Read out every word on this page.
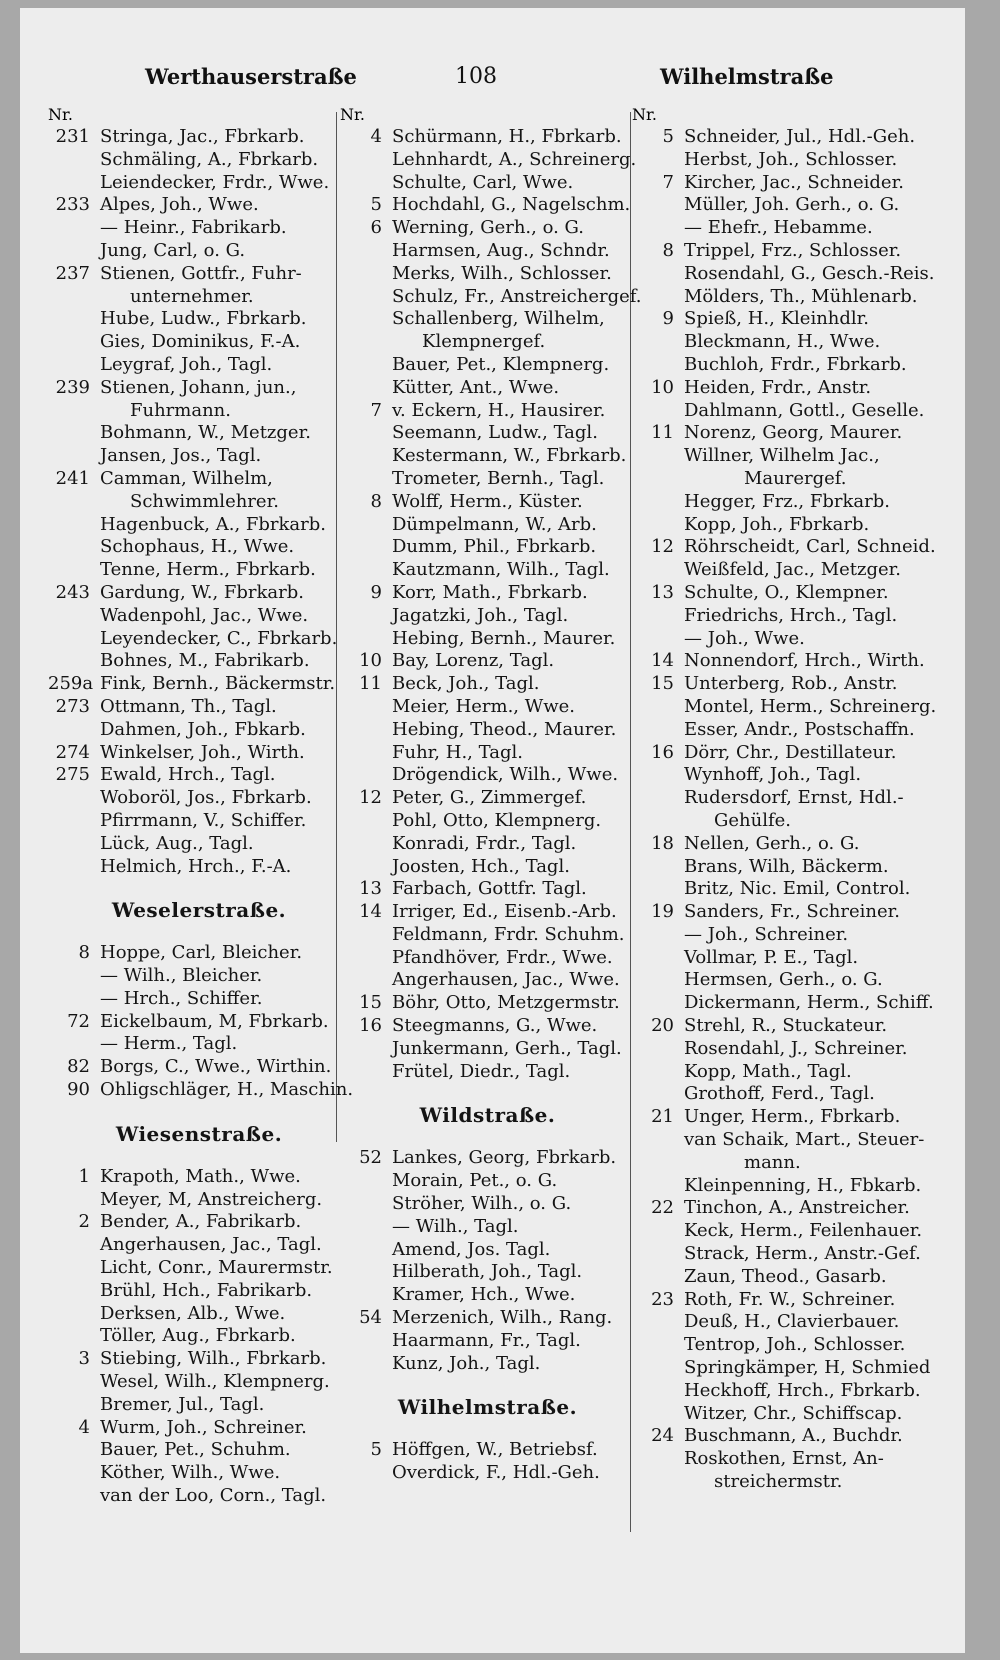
Werthauserstraße	108	Wilhelmstraße
Nr.
231 Stringa, Jac., Fbrkarb.
Schmäling, A., Fbrkarb.
Leiendecker, Frdr., Wwe.
233 Alpes, Joh., Wwe.
— Heinr., Fabrikarb.
Jung, Carl, o. G.
237 Stienen, Gottfr., Fuhr-
unternehmer.
Hube, Ludw., Fbrkarb.
Gies, Dominikus, F.-A.
Leygraf, Joh., Tagl.
239 Stienen, Johann, jun.,
Fuhrmann.
Bohmann, W., Metzger.
Jansen, Jos., Tagl.
241 Camman, Wilhelm,
Schwimmlehrer.
Hagenbuck, A., Fbrkarb.
Schophaus, H., Wwe.
Tenne, Herm., Fbrkarb.
243 Gardung, W., Fbrkarb.
Wadenpohl, Jac., Wwe.
Leyendecker, C., Fbrkarb.
Bohnes, M., Fabrikarb.
259a Fink, Bernh., Bäckermstr.
273 Ottmann, Th., Tagl.
Dahmen, Joh., Fbkarb.
274 Winkelser, Joh., Wirth.
275 Ewald, Hrch., Tagl.
Woboröl, Jos., Fbrkarb.
Pfirrmann, V., Schiffer.
Lück, Aug., Tagl.
Helmich, Hrch., F.-A.
Weselerstraße.
8 Hoppe, Carl, Bleicher.
— Wilh., Bleicher.
— Hrch., Schiffer.
72 Eickelbaum, M, Fbrkarb.
— Herm., Tagl.
82 Borgs, C., Wwe., Wirthin.
90 Ohligschläger, H., Maschin.
Wiesenstraße.
1 Krapoth, Math., Wwe.
Meyer, M, Anstreicherg.
2 Bender, A., Fabrikarb.
Angerhausen, Jac., Tagl.
Licht, Conr., Maurermstr.
Brühl, Hch., Fabrikarb.
Derksen, Alb., Wwe.
Töller, Aug., Fbrkarb.
3 Stiebing, Wilh., Fbrkarb.
Wesel, Wilh., Klempnerg.
Bremer, Jul., Tagl.
4 Wurm, Joh., Schreiner.
Bauer, Pet., Schuhm.
Köther, Wilh., Wwe.
van der Loo, Corn., Tagl.
Nr.
4 Schürmann, H., Fbrkarb.
Lehnhardt, A., Schreinerg.
Schulte, Carl, Wwe.
5 Hochdahl, G., Nagelschm.
6 Werning, Gerh., o. G.
Harmsen, Aug., Schndr.
Merks, Wilh., Schlosser.
Schulz, Fr., Anstreichergef.
Schallenberg, Wilhelm,
Klempnergef.
Bauer, Pet., Klempnerg.
Kütter, Ant., Wwe.
7 v. Eckern, H., Hausirer.
Seemann, Ludw., Tagl.
Kestermann, W., Fbrkarb.
Trometer, Bernh., Tagl.
8 Wolff, Herm., Küster.
Dümpelmann, W., Arb.
Dumm, Phil., Fbrkarb.
Kautzmann, Wilh., Tagl.
9 Korr, Math., Fbrkarb.
Jagatzki, Joh., Tagl.
Hebing, Bernh., Maurer.
10 Bay, Lorenz, Tagl.
11 Beck, Joh., Tagl.
Meier, Herm., Wwe.
Hebing, Theod., Maurer.
Fuhr, H., Tagl.
Drögendick, Wilh., Wwe.
12 Peter, G., Zimmergef.
Pohl, Otto, Klempnerg.
Konradi, Frdr., Tagl.
Joosten, Hch., Tagl.
13 Farbach, Gottfr. Tagl.
14 Irriger, Ed., Eisenb.-Arb.
Feldmann, Frdr. Schuhm.
Pfandhöver, Frdr., Wwe.
Angerhausen, Jac., Wwe.
15 Böhr, Otto, Metzgermstr.
16 Steegmanns, G., Wwe.
Junkermann, Gerh., Tagl.
Frütel, Diedr., Tagl.
Wildstraße.
52 Lankes, Georg, Fbrkarb.
Morain, Pet., o. G.
Ströher, Wilh., o. G.
— Wilh., Tagl.
Amend, Jos. Tagl.
Hilberath, Joh., Tagl.
Kramer, Hch., Wwe.
54 Merzenich, Wilh., Rang.
Haarmann, Fr., Tagl.
Kunz, Joh., Tagl.
Wilhelmstraße.
5 Höffgen, W., Betriebsf.
Overdick, F., Hdl.-Geh.
Nr.
5 Schneider, Jul., Hdl.-Geh.
Herbst, Joh., Schlosser.
7 Kircher, Jac., Schneider.
Müller, Joh. Gerh., o. G.
— Ehefr., Hebamme.
8 Trippel, Frz., Schlosser.
Rosendahl, G., Gesch.-Reis.
Mölders, Th., Mühlenarb.
9 Spieß, H., Kleinhdlr.
Bleckmann, H., Wwe.
Buchloh, Frdr., Fbrkarb.
10 Heiden, Frdr., Anstr.
Dahlmann, Gottl., Geselle.
11 Norenz, Georg, Maurer.
Willner, Wilhelm Jac.,
Maurergef.
Hegger, Frz., Fbrkarb.
Kopp, Joh., Fbrkarb.
12 Röhrscheidt, Carl, Schneid.
Weißfeld, Jac., Metzger.
13 Schulte, O., Klempner.
Friedrichs, Hrch., Tagl.
— Joh., Wwe.
14 Nonnendorf, Hrch., Wirth.
15 Unterberg, Rob., Anstr.
Montel, Herm., Schreinerg.
Esser, Andr., Postschaffn.
16 Dörr, Chr., Destillateur.
Wynhoff, Joh., Tagl.
Rudersdorf, Ernst, Hdl.-
Gehülfe.
18 Nellen, Gerh., o. G.
Brans, Wilh, Bäckerm.
Britz, Nic. Emil, Control.
19 Sanders, Fr., Schreiner.
— Joh., Schreiner.
Vollmar, P. E., Tagl.
Hermsen, Gerh., o. G.
Dickermann, Herm., Schiff.
20 Strehl, R., Stuckateur.
Rosendahl, J., Schreiner.
Kopp, Math., Tagl.
Grothoff, Ferd., Tagl.
21 Unger, Herm., Fbrkarb.
van Schaik, Mart., Steuer-
mann.
Kleinpenning, H., Fbkarb.
22 Tinchon, A., Anstreicher.
Keck, Herm., Feilenhauer.
Strack, Herm., Anstr.-Gef.
Zaun, Theod., Gasarb.
23 Roth, Fr. W., Schreiner.
Deuß, H., Clavierbauer.
Tentrop, Joh., Schlosser.
Springkämper, H, Schmied
Heckhoff, Hrch., Fbrkarb.
Witzer, Chr., Schiffscap.
24 Buschmann, A., Buchdr.
Roskothen, Ernst, An-
streichermstr.
